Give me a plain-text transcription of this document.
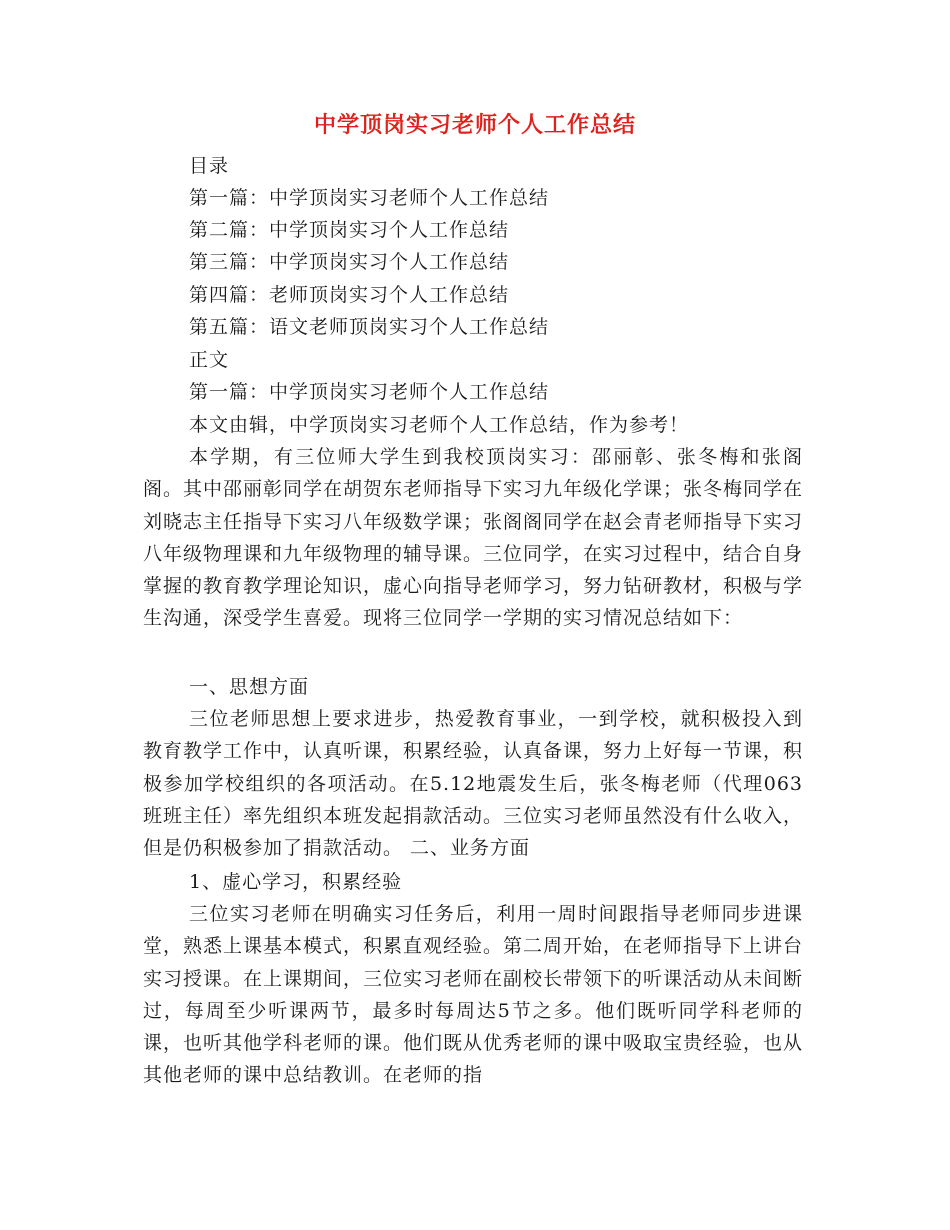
中学顶岗实习老师个人工作总结

目录

第一篇：中学顶岗实习老师个人工作总结

第二篇：中学顶岗实习个人工作总结

第三篇：中学顶岗实习个人工作总结

第四篇：老师顶岗实习个人工作总结

第五篇：语文老师顶岗实习个人工作总结

正文

第一篇：中学顶岗实习老师个人工作总结

本文由辑，中学顶岗实习老师个人工作总结，作为参考！

本学期，有三位师大学生到我校顶岗实习：邵丽彰、张冬梅和张阁阁。其中邵丽彰同学在胡贺东老师指导下实习九年级化学课；张冬梅同学在刘晓志主任指导下实习八年级数学课；张阁阁同学在赵会青老师指导下实习八年级物理课和九年级物理的辅导课。三位同学，在实习过程中，结合自身掌握的教育教学理论知识，虚心向指导老师学习，努力钻研教材，积极与学生沟通，深受学生喜爱。现将三位同学一学期的实习情况总结如下：

一、思想方面

三位老师思想上要求进步，热爱教育事业，一到学校，就积极投入到教育教学工作中，认真听课，积累经验，认真备课，努力上好每一节课，积极参加学校组织的各项活动。在5.12地震发生后，张冬梅老师（代理063班班主任）率先组织本班发起捐款活动。三位实习老师虽然没有什么收入，但是仍积极参加了捐款活动。 二、业务方面

1、虚心学习，积累经验

三位实习老师在明确实习任务后，利用一周时间跟指导老师同步进课堂，熟悉上课基本模式，积累直观经验。第二周开始，在老师指导下上讲台实习授课。在上课期间，三位实习老师在副校长带领下的听课活动从未间断过，每周至少听课两节，最多时每周达5节之多。他们既听同学科老师的课，也听其他学科老师的课。他们既从优秀老师的课中吸取宝贵经验，也从其他老师的课中总结教训。在老师的指
